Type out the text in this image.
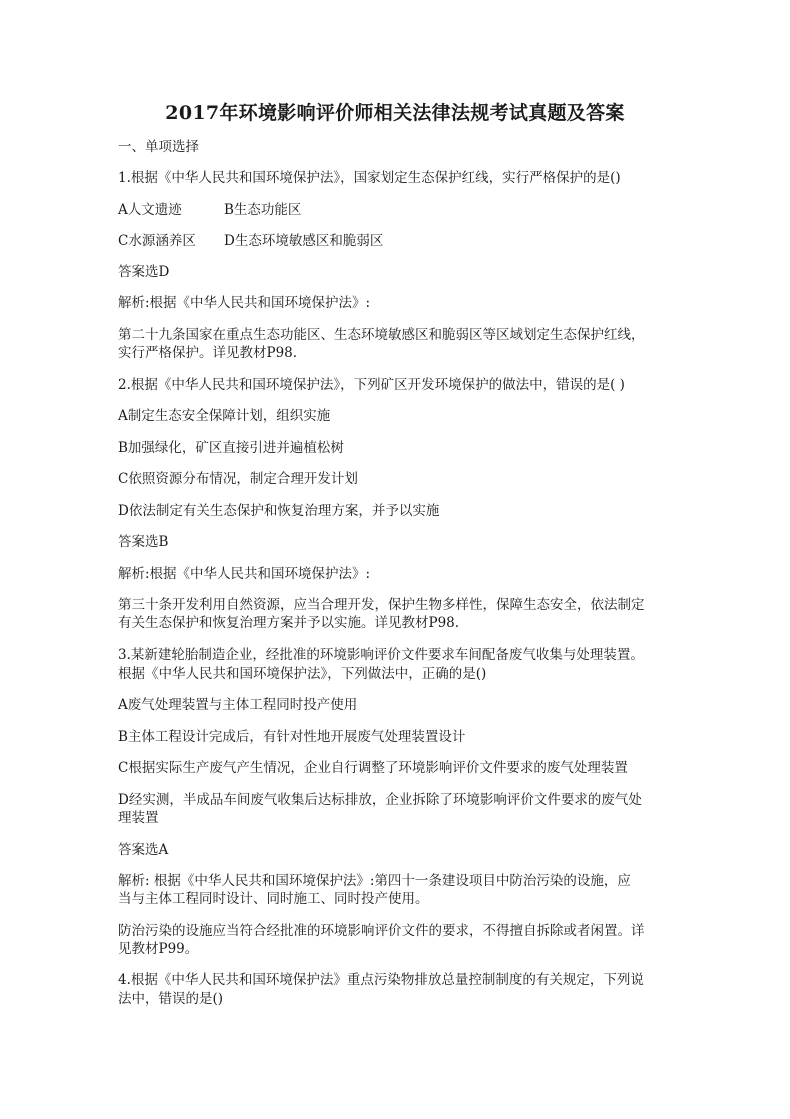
2017年环境影响评价师相关法律法规考试真题及答案
一、单项选择
1.根据《中华人民共和国环境保护法》，国家划定生态保护红线，实行严格保护的是()
A人文遗迹	B生态功能区
C水源涵养区	D生态环境敏感区和脆弱区
答案选D
解析:根据《中华人民共和国环境保护法》:
第二十九条国家在重点生态功能区、生态环境敏感区和脆弱区等区域划定生态保护红线，
实行严格保护。详见教材P98.
2.根据《中华人民共和国环境保护法》，下列矿区开发环境保护的做法中，错误的是( )
A制定生态安全保障计划，组织实施
B加强绿化，矿区直接引进并遍植松树
C依照资源分布情况，制定合理开发计划
D依法制定有关生态保护和恢复治理方案，并予以实施
答案选B
解析:根据《中华人民共和国环境保护法》:
第三十条开发利用自然资源，应当合理开发，保护生物多样性，保障生态安全，依法制定
有关生态保护和恢复治理方案并予以实施。详见教材P98.
3.某新建轮胎制造企业，经批准的环境影响评价文件要求车间配备废气收集与处理装置。
根据《中华人民共和国环境保护法》，下列做法中，正确的是()
A废气处理装置与主体工程同时投产使用
B主体工程设计完成后，有针对性地开展废气处理装置设计
C根据实际生产废气产生情况，企业自行调整了环境影响评价文件要求的废气处理装置
D经实测，半成品车间废气收集后达标排放，企业拆除了环境影响评价文件要求的废气处
理装置
答案选A
解析: 根据《中华人民共和国环境保护法》:第四十一条建设项目中防治污染的设施，应
当与主体工程同时设计、同时施工、同时投产使用。
防治污染的设施应当符合经批准的环境影响评价文件的要求，不得擅自拆除或者闲置。详
见教材P99。
4.根据《中华人民共和国环境保护法》重点污染物排放总量控制制度的有关规定，下列说
法中，错误的是()
